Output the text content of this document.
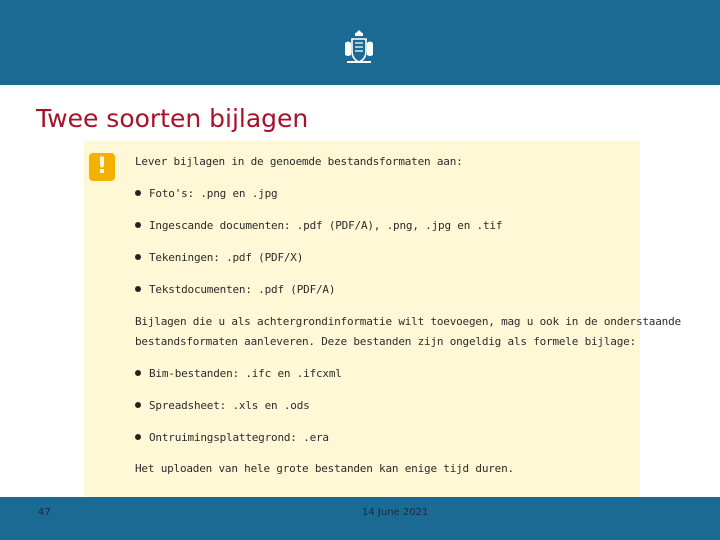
Twee soorten bijlagen
!	Lever bijlagen in de genoemde bestandsformaten aan:
Foto's: .png en .jpg
Ingescande documenten: .pdf (PDF/A), .png, .jpg en .tif
Tekeningen: .pdf (PDF/X)
Tekstdocumenten: .pdf (PDF/A)
Bijlagen die u als achtergrondinformatie wilt toevoegen, mag u ook in de onderstaande
bestandsformaten aanleveren. Deze bestanden zijn ongeldig als formele bijlage:
Bim-bestanden: .ifc en .ifcxml
Spreadsheet: .xls en .ods
Ontruimingsplattegrond: .era
Het uploaden van hele grote bestanden kan enige tijd duren.
47	14 June 2021
